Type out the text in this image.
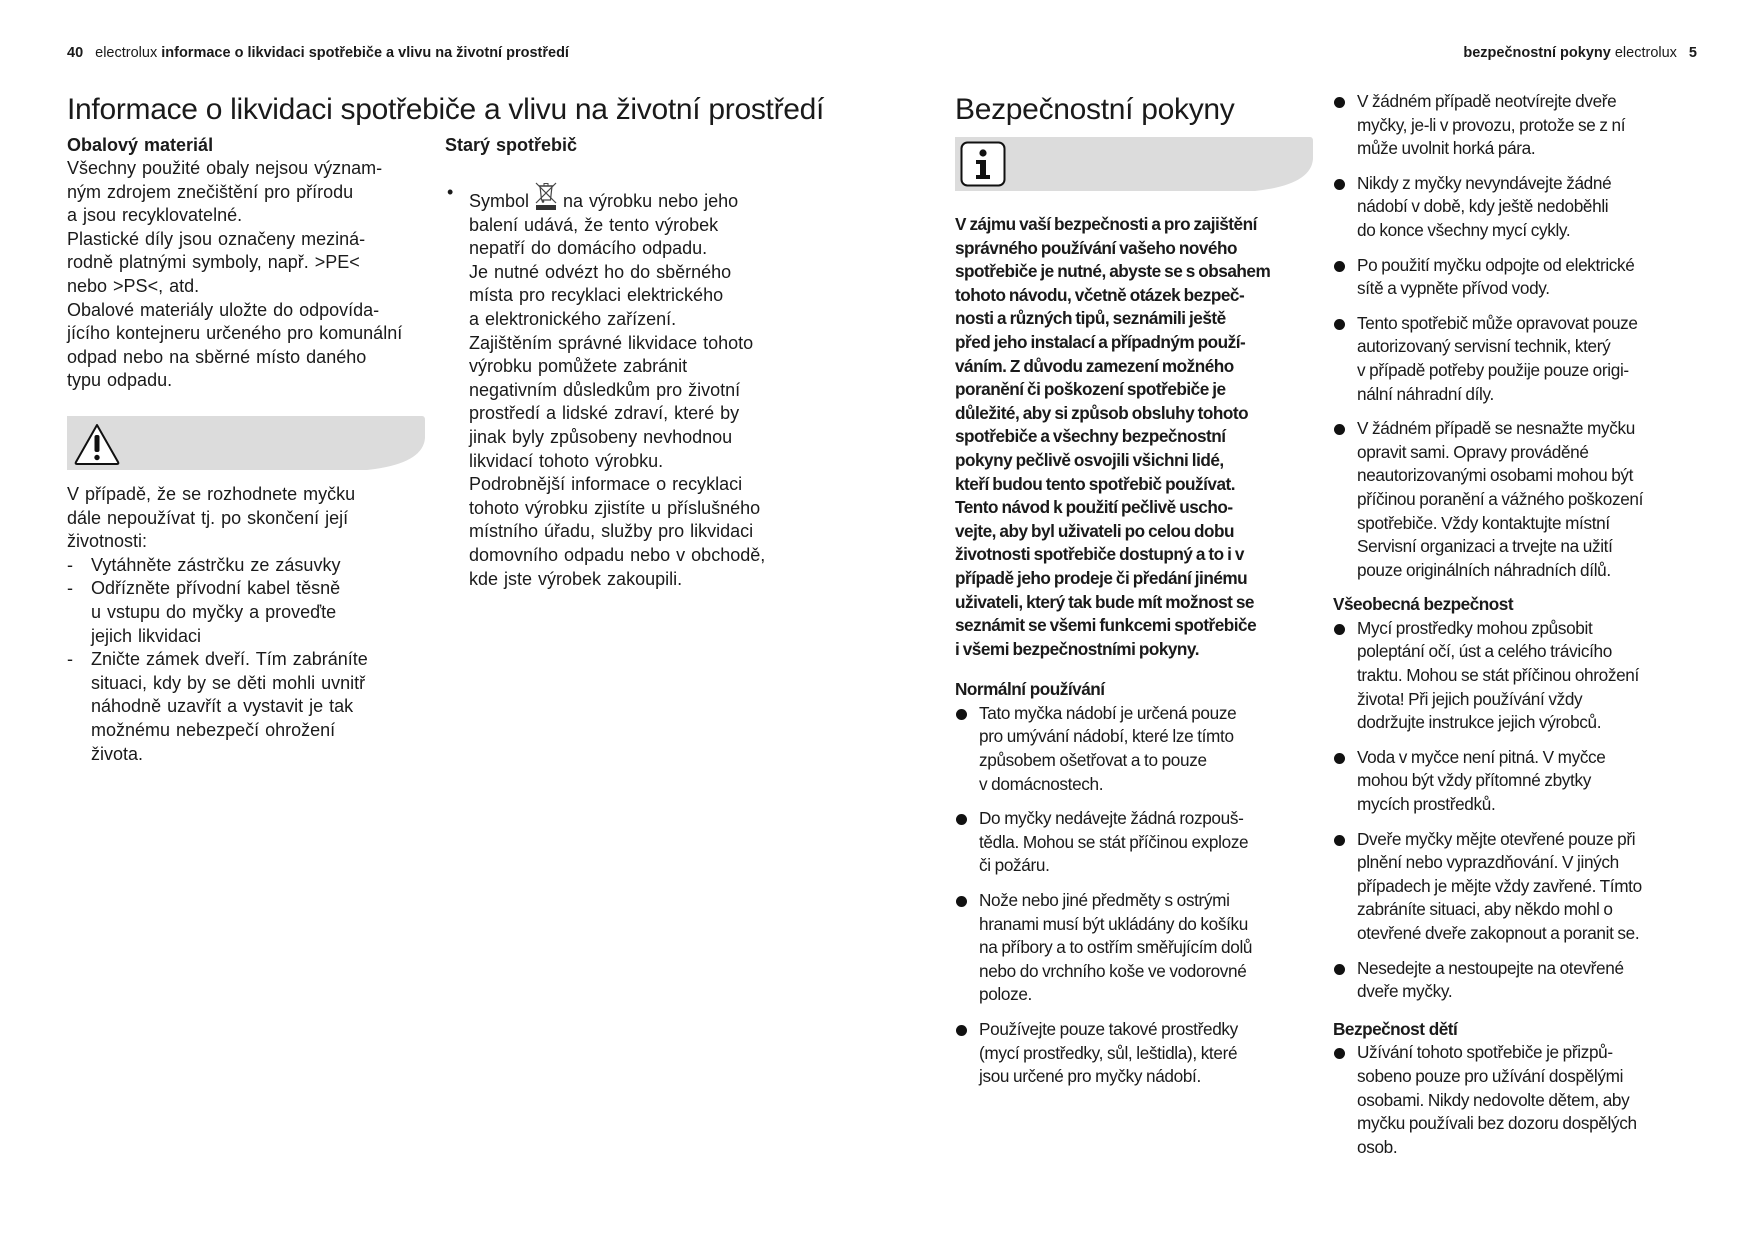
40 electrolux informace o likvidaci spotřebiče a vlivu na životní prostředí	bezpečnostní pokyny electrolux 5
Informace o likvidaci spotřebiče a vlivu na životní prostředí
Obalový materiál
Všechny použité obaly nejsou význam-
ným zdrojem znečištění pro přírodu
a jsou recyklovatelné.
Plastické díly jsou označeny meziná-
rodně platnými symboly, např. >PE<
nebo >PS<, atd.
Obalové materiály uložte do odpovída-
jícího kontejneru určeného pro komunální
odpad nebo na sběrné místo daného
typu odpadu.
V případě, že se rozhodnete myčku
dále nepoužívat tj. po skončení její
životnosti:
- Vytáhněte zástrčku ze zásuvky
- Odřízněte přívodní kabel těsně
u vstupu do myčky a proveďte
jejich likvidaci
- Zničte zámek dveří. Tím zabráníte
situaci, kdy by se děti mohli uvnitř
náhodně uzavřít a vystavit je tak
možnému nebezpečí ohrožení
života.
Starý spotřebič
• Symbol na výrobku nebo jeho
balení udává, že tento výrobek
nepatří do domácího odpadu.
Je nutné odvézt ho do sběrného
místa pro recyklaci elektrického
a elektronického zařízení.
Zajištěním správné likvidace tohoto
výrobku pomůžete zabránit
negativním důsledkům pro životní
prostředí a lidské zdraví, které by
jinak byly způsobeny nevhodnou
likvidací tohoto výrobku.
Podrobnější informace o recyklaci
tohoto výrobku zjistíte u příslušného
místního úřadu, služby pro likvidaci
domovního odpadu nebo v obchodě,
kde jste výrobek zakoupili.
Bezpečnostní pokyny
V zájmu vaší bezpečnosti a pro zajištění
správného používání vašeho nového
spotřebiče je nutné, abyste se s obsahem
tohoto návodu, včetně otázek bezpeč-
nosti a různých tipů, seznámili ještě
před jeho instalací a případným použí-
váním. Z důvodu zamezení možného
poranění či poškození spotřebiče je
důležité, aby si způsob obsluhy tohoto
spotřebiče a všechny bezpečnostní
pokyny pečlivě osvojili všichni lidé,
kteří budou tento spotřebič používat.
Tento návod k použití pečlivě uscho-
vejte, aby byl uživateli po celou dobu
životnosti spotřebiče dostupný a to i v
případě jeho prodeje či předání jinému
uživateli, který tak bude mít možnost se
seznámit se všemi funkcemi spotřebiče
i všemi bezpečnostními pokyny.
Normální používání
Tato myčka nádobí je určená pouze
pro umývání nádobí, které lze tímto
způsobem ošetřovat a to pouze
v domácnostech.
Do myčky nedávejte žádná rozpouš-
tědla. Mohou se stát příčinou exploze
či požáru.
Nože nebo jiné předměty s ostrými
hranami musí být ukládány do košíku
na příbory a to ostřím směřujícím dolů
nebo do vrchního koše ve vodorovné
poloze.
Používejte pouze takové prostředky
(mycí prostředky, sůl, leštidla), které
jsou určené pro myčky nádobí.
V žádném případě neotvírejte dveře
myčky, je-li v provozu, protože se z ní
může uvolnit horká pára.
Nikdy z myčky nevyndávejte žádné
nádobí v době, kdy ještě nedoběhli
do konce všechny mycí cykly.
Po použití myčku odpojte od elektrické
sítě a vypněte přívod vody.
Tento spotřebič může opravovat pouze
autorizovaný servisní technik, který
v případě potřeby použije pouze origi-
nální náhradní díly.
V žádném případě se nesnažte myčku
opravit sami. Opravy prováděné
neautorizovanými osobami mohou být
příčinou poranění a vážného poškození
spotřebiče. Vždy kontaktujte místní
Servisní organizaci a trvejte na užití
pouze originálních náhradních dílů.
Všeobecná bezpečnost
Mycí prostředky mohou způsobit
poleptání očí, úst a celého trávicího
traktu. Mohou se stát příčinou ohrožení
života! Při jejich používání vždy
dodržujte instrukce jejich výrobců.
Voda v myčce není pitná. V myčce
mohou být vždy přítomné zbytky
mycích prostředků.
Dveře myčky mějte otevřené pouze při
plnění nebo vyprazdňování. V jiných
případech je mějte vždy zavřené. Tímto
zabráníte situaci, aby někdo mohl o
otevřené dveře zakopnout a poranit se.
Nesedejte a nestoupejte na otevřené
dveře myčky.
Bezpečnost dětí
Užívání tohoto spotřebiče je přizpů-
sobeno pouze pro užívání dospělými
osobami. Nikdy nedovolte dětem, aby
myčku používali bez dozoru dospělých
osob.
